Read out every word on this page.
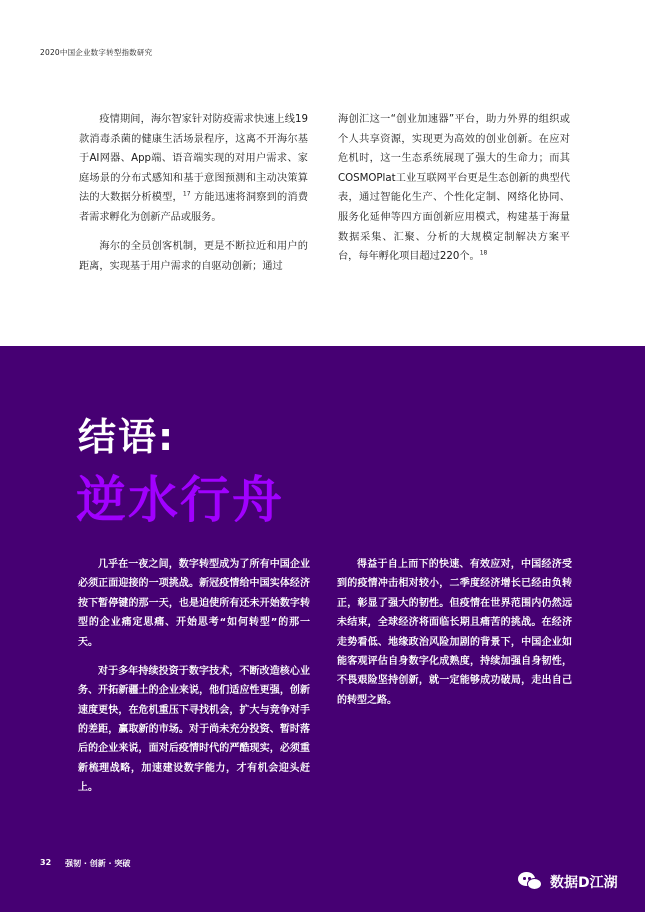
2020中国企业数字转型指数研究

疫情期间，海尔智家针对防疫需求快速上线19款消毒杀菌的健康生活场景程序，这离不开海尔基于AI网器、App端、语音端实现的对用户需求、家庭场景的分布式感知和基于意图预测和主动决策算法的大数据分析模型，$^{17}$ 方能迅速将洞察到的消费者需求孵化为创新产品或服务。

海尔的全员创客机制，更是不断拉近和用户的距离，实现基于用户需求的自驱动创新；通过

海创汇这一“创业加速器”平台，助力外界的组织或个人共享资源，实现更为高效的创业创新。在应对危机时，这一生态系统展现了强大的生命力；而其COSMOPlat工业互联网平台更是生态创新的典型代表，通过智能化生产、个性化定制、网络化协同、服务化延伸等四方面创新应用模式，构建基于海量数据采集、汇聚、分析的大规模定制解决方案平台，每年孵化项目超过220个。$^{18}$

结语:
逆水行舟

几乎在一夜之间，数字转型成为了所有中国企业必须正面迎接的一项挑战。新冠疫情给中国实体经济按下暂停键的那一天，也是迫使所有还未开始数字转型的企业痛定思痛、开始思考“如何转型”的那一天。

对于多年持续投资于数字技术，不断改造核心业务、开拓新疆土的企业来说，他们适应性更强，创新速度更快，在危机重压下寻找机会，扩大与竞争对手的差距，赢取新的市场。对于尚未充分投资、暂时落后的企业来说，面对后疫情时代的严酷现实，必须重新梳理战略，加速建设数字能力，才有机会迎头赶上。

得益于自上而下的快速、有效应对，中国经济受到的疫情冲击相对较小，二季度经济增长已经由负转正，彰显了强大的韧性。但疫情在世界范围内仍然远未结束，全球经济将面临长期且痛苦的挑战。在经济走势看低、地缘政治风险加剧的背景下，中国企业如能客观评估自身数字化成熟度，持续加强自身韧性，不畏艰险坚持创新，就一定能够成功破局，走出自己的转型之路。

32 强韧 · 创新 · 突破
数据D江湖
